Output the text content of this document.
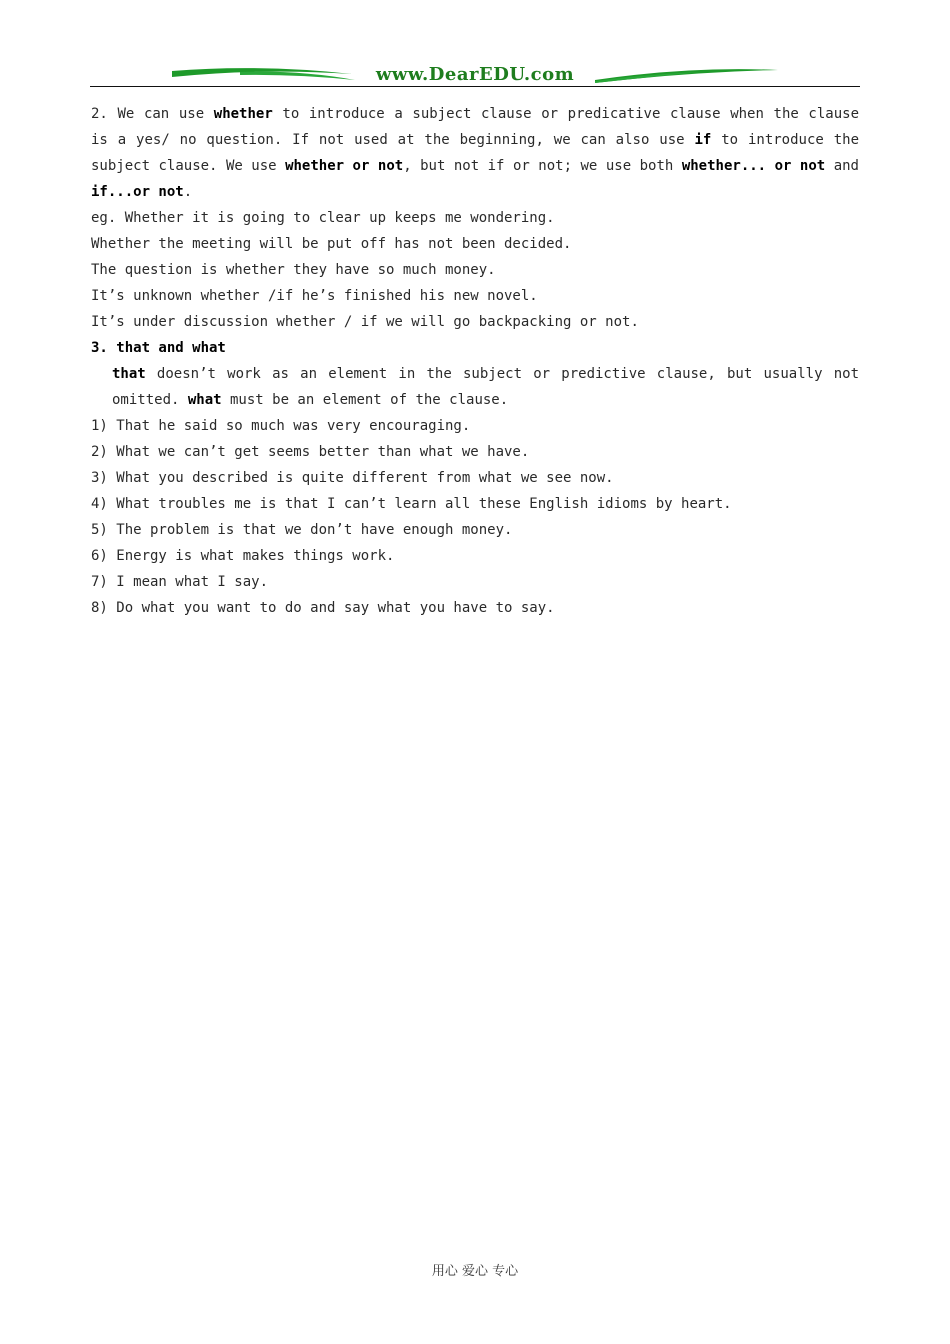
www.DearEDU.com

2. We can use whether to introduce a subject clause or predicative clause when the clause is a yes/ no question. If not used at the beginning, we can also use if to introduce the subject clause. We use whether or not, but not if or not; we use both whether... or not and if...or not.

eg. Whether it is going to clear up keeps me wondering.

Whether the meeting will be put off has not been decided.

The question is whether they have so much money.

It’s unknown whether /if he’s finished his new novel.

It’s under discussion whether / if we will go backpacking or not.

3. that and what

that doesn’t work as an element in the subject or predictive clause, but usually not omitted. what must be an element of the clause.

1) That he said so much was very encouraging.

2) What we can’t get seems better than what we have.

3) What you described is quite different from what we see now.

4) What troubles me is that I can’t learn all these English idioms by heart.

5) The problem is that we don’t have enough money.

6) Energy is what makes things work.

7) I mean what I say.

8) Do what you want to do and say what you have to say.

用心 爱心 专心
